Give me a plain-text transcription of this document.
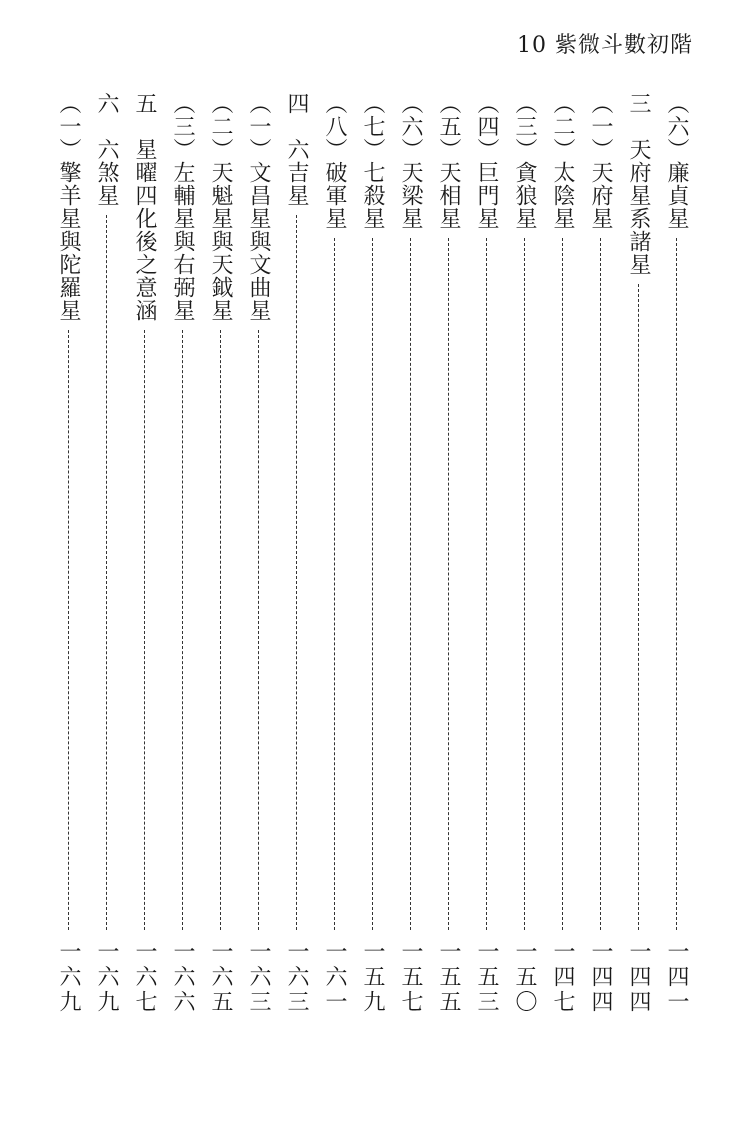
10 紫微斗數初階
（六）廉貞星
一四一
三　天府星系諸星
一四四
（一）天府星
一四四
（二）太陰星
一四七
（三）貪狼星
一五〇
（四）巨門星
一五三
（五）天相星
一五五
（六）天梁星
一五七
（七）七殺星
一五九
（八）破軍星
一六一
四　六吉星
一六三
（一）文昌星與文曲星
一六三
（二）天魁星與天鉞星
一六五
（三）左輔星與右弼星
一六六
五　星曜四化後之意涵
一六七
六　六煞星
一六九
（一）擎羊星與陀羅星
一六九
